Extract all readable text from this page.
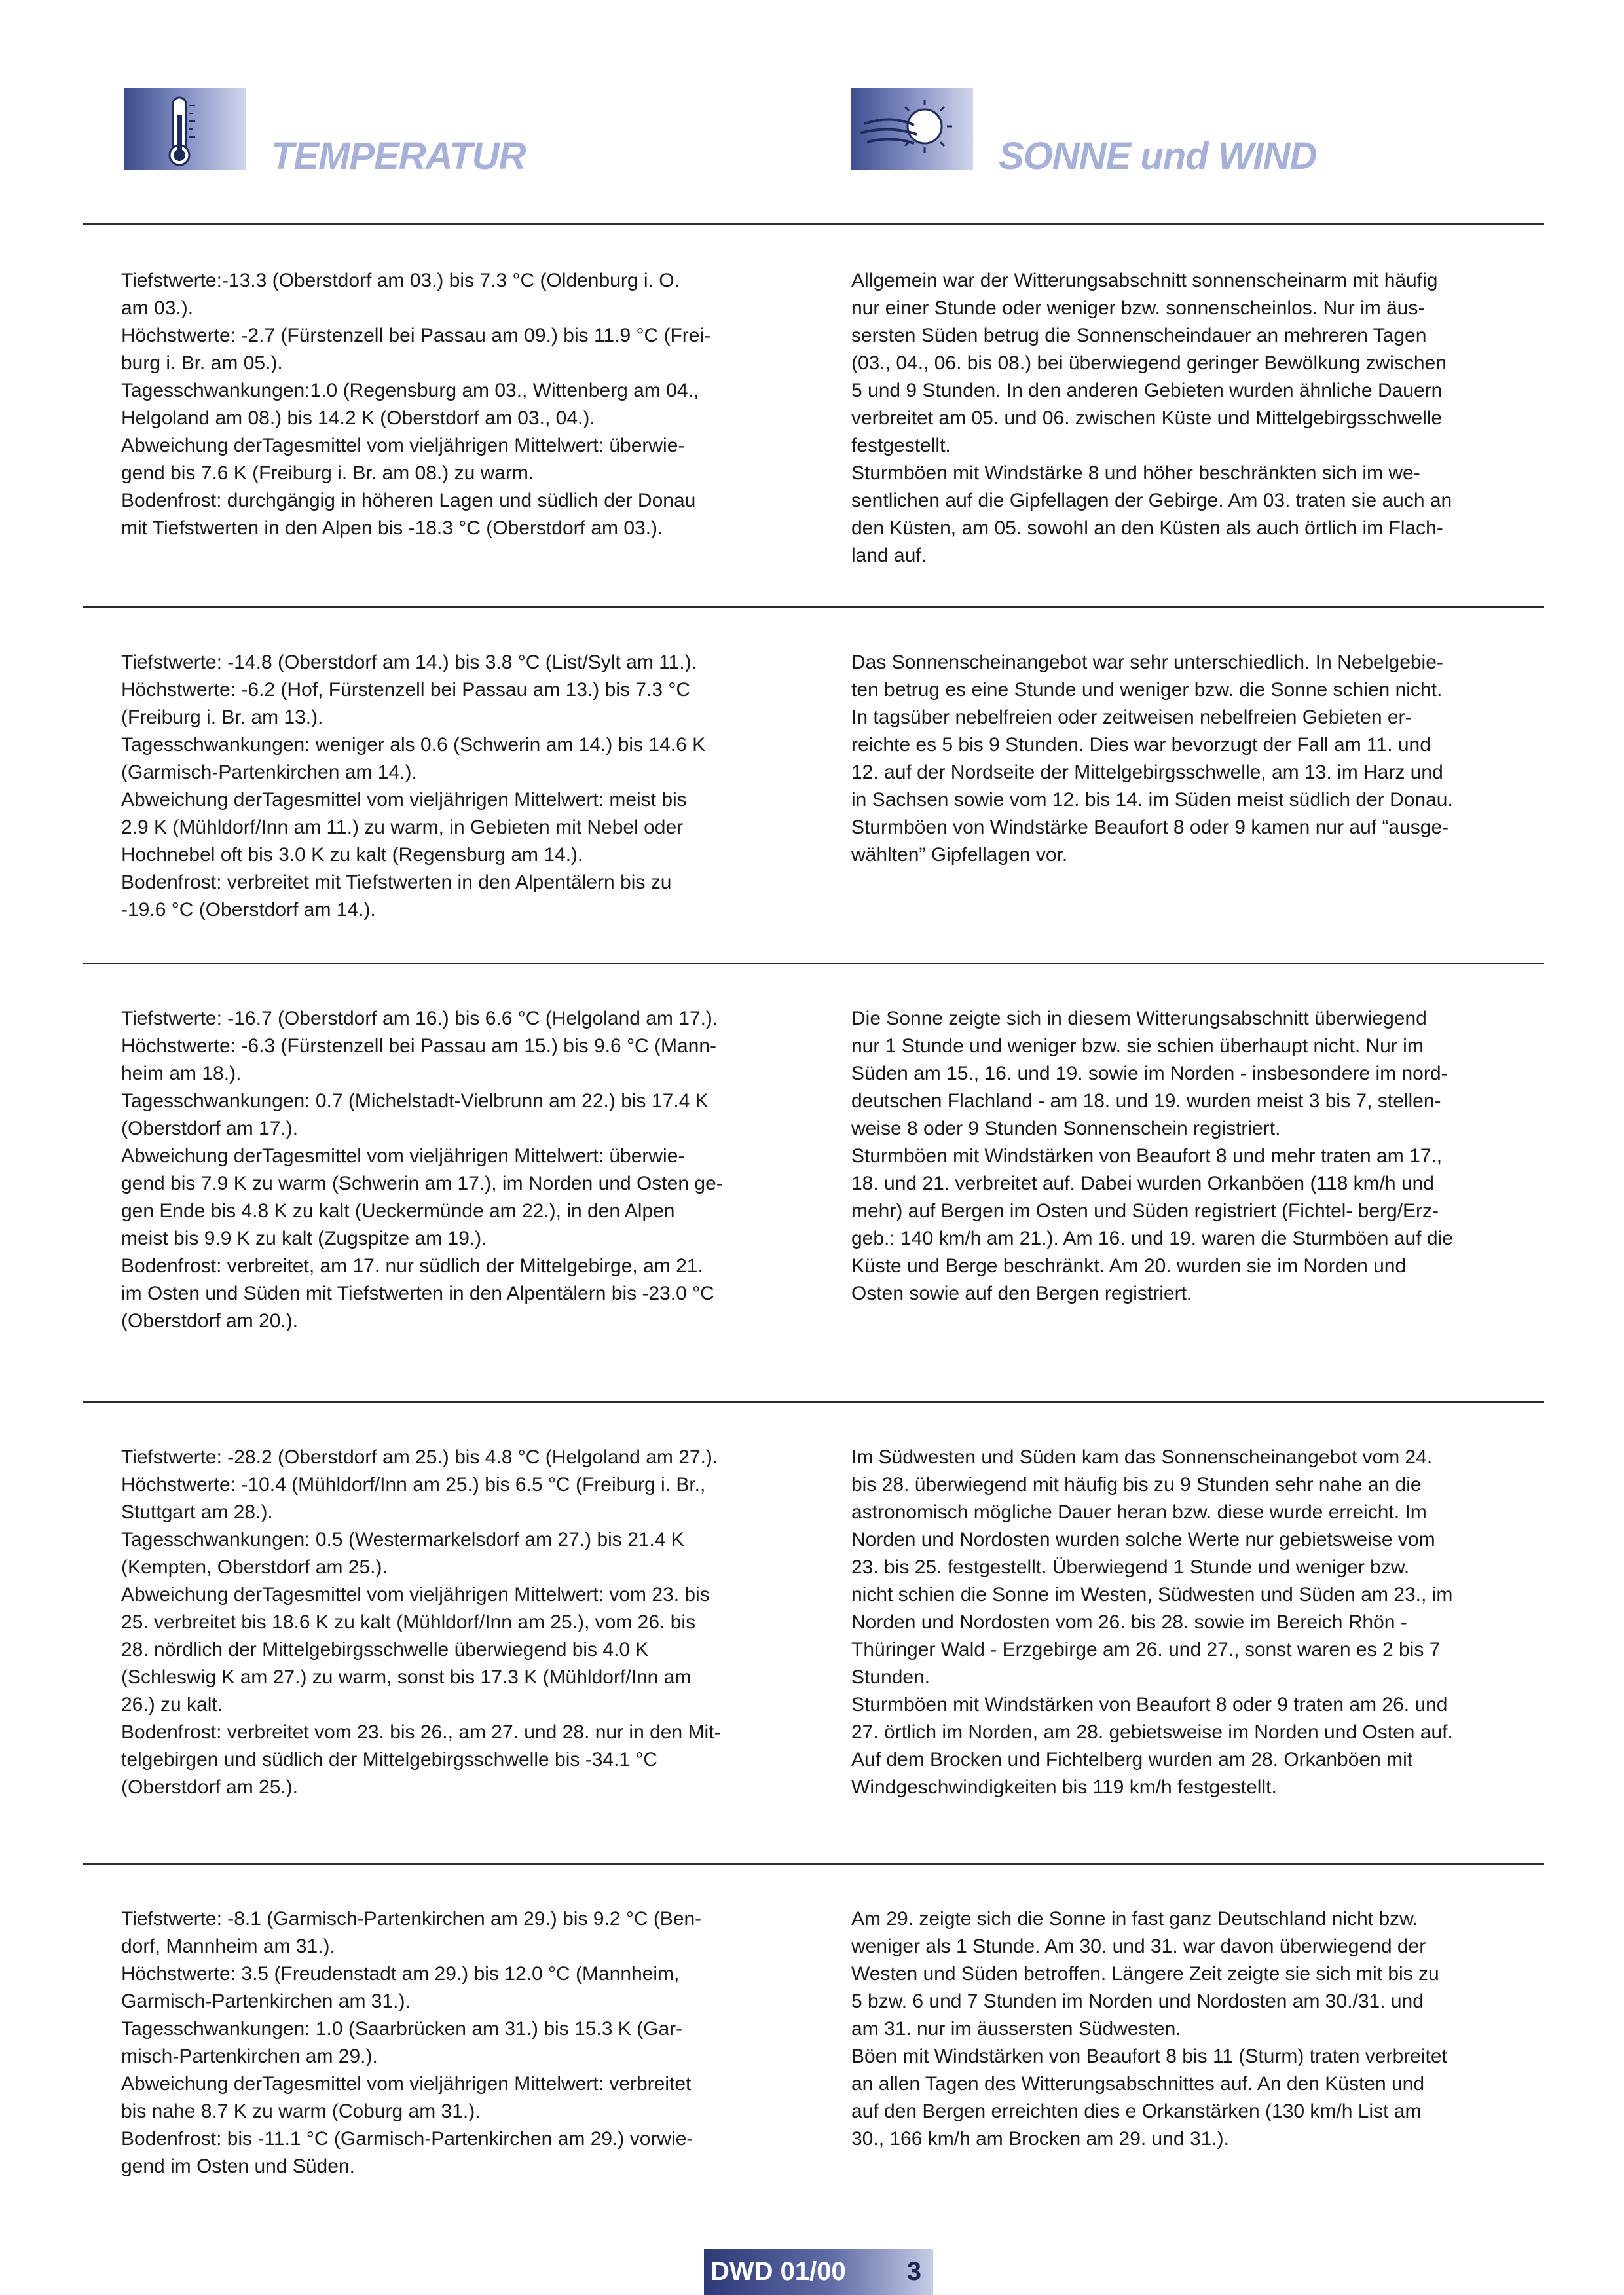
TEMPERATUR	SONNE und WIND
Tiefstwerte:-13.3 (Oberstdorf am 03.) bis 7.3 °C (Oldenburg i. O.
am 03.).
Höchstwerte: -2.7 (Fürstenzell bei Passau am 09.) bis 11.9 °C (Frei-
burg i. Br. am 05.).
Tagesschwankungen:1.0 (Regensburg am 03., Wittenberg am 04.,
Helgoland am 08.) bis 14.2 K (Oberstdorf am 03., 04.).
Abweichung derTagesmittel vom vieljährigen Mittelwert: überwie-
gend bis 7.6 K (Freiburg i. Br. am 08.) zu warm.
Bodenfrost: durchgängig in höheren Lagen und südlich der Donau
mit Tiefstwerten in den Alpen bis -18.3 °C (Oberstdorf am 03.).
Allgemein war der Witterungsabschnitt sonnenscheinarm mit häufig
nur einer Stunde oder weniger bzw. sonnenscheinlos. Nur im äus-
sersten Süden betrug die Sonnenscheindauer an mehreren Tagen
(03., 04., 06. bis 08.) bei überwiegend geringer Bewölkung zwischen
5 und 9 Stunden. In den anderen Gebieten wurden ähnliche Dauern
verbreitet am 05. und 06. zwischen Küste und Mittelgebirgsschwelle
festgestellt.
Sturmböen mit Windstärke 8 und höher beschränkten sich im we-
sentlichen auf die Gipfellagen der Gebirge. Am 03. traten sie auch an
den Küsten, am 05. sowohl an den Küsten als auch örtlich im Flach-
land auf.
Tiefstwerte: -14.8 (Oberstdorf am 14.) bis 3.8 °C (List/Sylt am 11.).
Höchstwerte: -6.2 (Hof, Fürstenzell bei Passau am 13.) bis 7.3 °C
(Freiburg i. Br. am 13.).
Tagesschwankungen: weniger als 0.6 (Schwerin am 14.) bis 14.6 K
(Garmisch-Partenkirchen am 14.).
Abweichung derTagesmittel vom vieljährigen Mittelwert: meist bis
2.9 K (Mühldorf/Inn am 11.) zu warm, in Gebieten mit Nebel oder
Hochnebel oft bis 3.0 K zu kalt (Regensburg am 14.).
Bodenfrost: verbreitet mit Tiefstwerten in den Alpentälern bis zu
-19.6 °C (Oberstdorf am 14.).
Das Sonnenscheinangebot war sehr unterschiedlich. In Nebelgebie-
ten betrug es eine Stunde und weniger bzw. die Sonne schien nicht.
In tagsüber nebelfreien oder zeitweisen nebelfreien Gebieten er-
reichte es 5 bis 9 Stunden. Dies war bevorzugt der Fall am 11. und
12. auf der Nordseite der Mittelgebirgsschwelle, am 13. im Harz und
in Sachsen sowie vom 12. bis 14. im Süden meist südlich der Donau.
Sturmböen von Windstärke Beaufort 8 oder 9 kamen nur auf “ausge-
wählten” Gipfellagen vor.
Tiefstwerte: -16.7 (Oberstdorf am 16.) bis 6.6 °C (Helgoland am 17.).
Höchstwerte: -6.3 (Fürstenzell bei Passau am 15.) bis 9.6 °C (Mann-
heim am 18.).
Tagesschwankungen: 0.7 (Michelstadt-Vielbrunn am 22.) bis 17.4 K
(Oberstdorf am 17.).
Abweichung derTagesmittel vom vieljährigen Mittelwert: überwie-
gend bis 7.9 K zu warm (Schwerin am 17.), im Norden und Osten ge-
gen Ende bis 4.8 K zu kalt (Ueckermünde am 22.), in den Alpen
meist bis 9.9 K zu kalt (Zugspitze am 19.).
Bodenfrost: verbreitet, am 17. nur südlich der Mittelgebirge, am 21.
im Osten und Süden mit Tiefstwerten in den Alpentälern bis -23.0 °C
(Oberstdorf am 20.).
Die Sonne zeigte sich in diesem Witterungsabschnitt überwiegend
nur 1 Stunde und weniger bzw. sie schien überhaupt nicht. Nur im
Süden am 15., 16. und 19. sowie im Norden - insbesondere im nord-
deutschen Flachland - am 18. und 19. wurden meist 3 bis 7, stellen-
weise 8 oder 9 Stunden Sonnenschein registriert.
Sturmböen mit Windstärken von Beaufort 8 und mehr traten am 17.,
18. und 21. verbreitet auf. Dabei wurden Orkanböen (118 km/h und
mehr) auf Bergen im Osten und Süden registriert (Fichtel- berg/Erz-
geb.: 140 km/h am 21.). Am 16. und 19. waren die Sturmböen auf die
Küste und Berge beschränkt. Am 20. wurden sie im Norden und
Osten sowie auf den Bergen registriert.
Tiefstwerte: -28.2 (Oberstdorf am 25.) bis 4.8 °C (Helgoland am 27.).
Höchstwerte: -10.4 (Mühldorf/Inn am 25.) bis 6.5 °C (Freiburg i. Br.,
Stuttgart am 28.).
Tagesschwankungen: 0.5 (Westermarkelsdorf am 27.) bis 21.4 K
(Kempten, Oberstdorf am 25.).
Abweichung derTagesmittel vom vieljährigen Mittelwert: vom 23. bis
25. verbreitet bis 18.6 K zu kalt (Mühldorf/Inn am 25.), vom 26. bis
28. nördlich der Mittelgebirgsschwelle überwiegend bis 4.0 K
(Schleswig K am 27.) zu warm, sonst bis 17.3 K (Mühldorf/Inn am
26.) zu kalt.
Bodenfrost: verbreitet vom 23. bis 26., am 27. und 28. nur in den Mit-
telgebirgen und südlich der Mittelgebirgsschwelle bis -34.1 °C
(Oberstdorf am 25.).
Im Südwesten und Süden kam das Sonnenscheinangebot vom 24.
bis 28. überwiegend mit häufig bis zu 9 Stunden sehr nahe an die
astronomisch mögliche Dauer heran bzw. diese wurde erreicht. Im
Norden und Nordosten wurden solche Werte nur gebietsweise vom
23. bis 25. festgestellt. Überwiegend 1 Stunde und weniger bzw.
nicht schien die Sonne im Westen, Südwesten und Süden am 23., im
Norden und Nordosten vom 26. bis 28. sowie im Bereich Rhön -
Thüringer Wald - Erzgebirge am 26. und 27., sonst waren es 2 bis 7
Stunden.
Sturmböen mit Windstärken von Beaufort 8 oder 9 traten am 26. und
27. örtlich im Norden, am 28. gebietsweise im Norden und Osten auf.
Auf dem Brocken und Fichtelberg wurden am 28. Orkanböen mit
Windgeschwindigkeiten bis 119 km/h festgestellt.
Tiefstwerte: -8.1 (Garmisch-Partenkirchen am 29.) bis 9.2 °C (Ben-
dorf, Mannheim am 31.).
Höchstwerte: 3.5 (Freudenstadt am 29.) bis 12.0 °C (Mannheim,
Garmisch-Partenkirchen am 31.).
Tagesschwankungen: 1.0 (Saarbrücken am 31.) bis 15.3 K (Gar-
misch-Partenkirchen am 29.).
Abweichung derTagesmittel vom vieljährigen Mittelwert: verbreitet
bis nahe 8.7 K zu warm (Coburg am 31.).
Bodenfrost: bis -11.1 °C (Garmisch-Partenkirchen am 29.) vorwie-
gend im Osten und Süden.
Am 29. zeigte sich die Sonne in fast ganz Deutschland nicht bzw.
weniger als 1 Stunde. Am 30. und 31. war davon überwiegend der
Westen und Süden betroffen. Längere Zeit zeigte sie sich mit bis zu
5 bzw. 6 und 7 Stunden im Norden und Nordosten am 30./31. und
am 31. nur im äussersten Südwesten.
Böen mit Windstärken von Beaufort 8 bis 11 (Sturm) traten verbreitet
an allen Tagen des Witterungsabschnittes auf. An den Küsten und
auf den Bergen erreichten dies e Orkanstärken (130 km/h List am
30., 166 km/h am Brocken am 29. und 31.).
DWD 01/00 3
